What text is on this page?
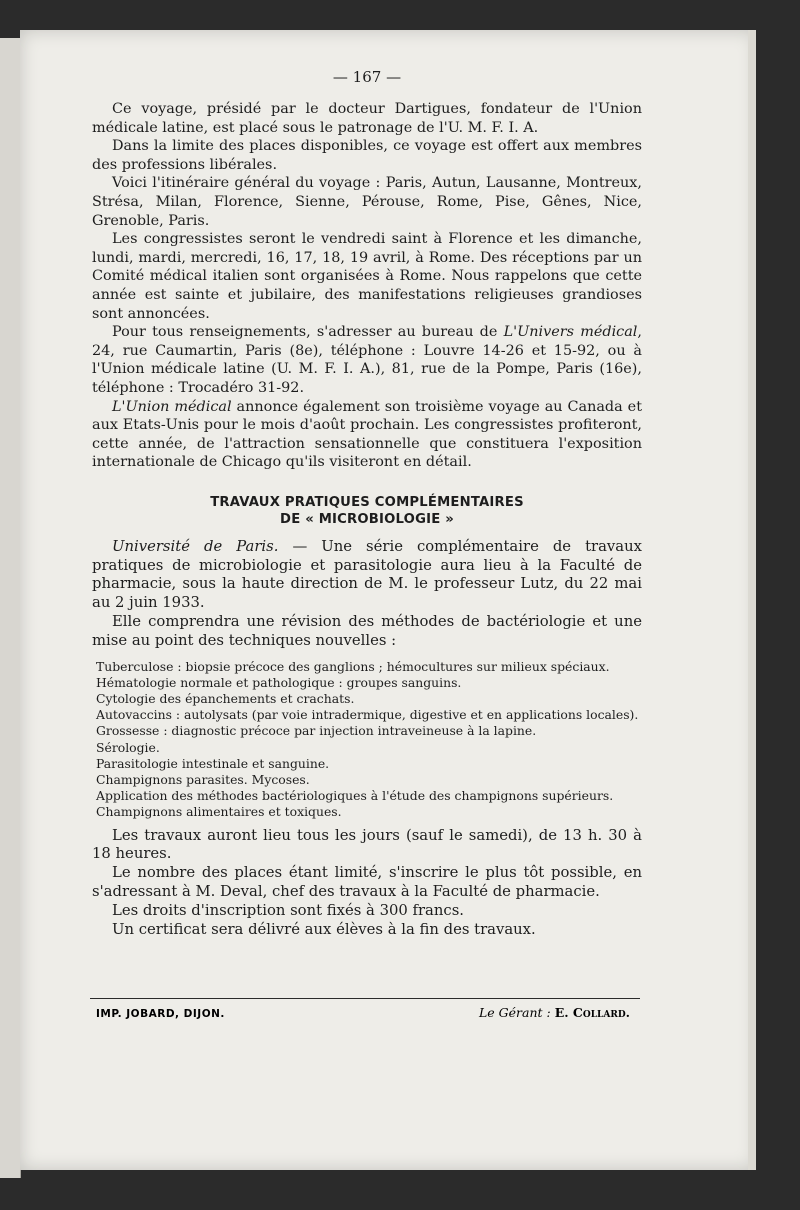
— 167 —

Ce voyage, présidé par le docteur Dartigues, fondateur de l'Union médicale latine, est placé sous le patronage de l'U. M. F. I. A.

Dans la limite des places disponibles, ce voyage est offert aux membres des professions libérales.

Voici l'itinéraire général du voyage : Paris, Autun, Lausanne, Montreux, Strésa, Milan, Florence, Sienne, Pérouse, Rome, Pise, Gênes, Nice, Grenoble, Paris.

Les congressistes seront le vendredi saint à Florence et les dimanche, lundi, mardi, mercredi, 16, 17, 18, 19 avril, à Rome. Des réceptions par un Comité médical italien sont organisées à Rome. Nous rappelons que cette année est sainte et jubilaire, des manifestations religieuses grandioses sont annoncées.

Pour tous renseignements, s'adresser au bureau de L'Univers médical, 24, rue Caumartin, Paris (8e), téléphone : Louvre 14-26 et 15-92, ou à l'Union médicale latine (U. M. F. I. A.), 81, rue de la Pompe, Paris (16e), téléphone : Trocadéro 31-92.

L'Union médical annonce également son troisième voyage au Canada et aux Etats-Unis pour le mois d'août prochain. Les congressistes profiteront, cette année, de l'attraction sensationnelle que constituera l'exposition internationale de Chicago qu'ils visiteront en détail.

TRAVAUX PRATIQUES COMPLÉMENTAIRES
DE « MICROBIOLOGIE »

Université de Paris. — Une série complémentaire de travaux pratiques de microbiologie et parasitologie aura lieu à la Faculté de pharmacie, sous la haute direction de M. le professeur Lutz, du 22 mai au 2 juin 1933.

Elle comprendra une révision des méthodes de bactériologie et une mise au point des techniques nouvelles :

Tuberculose : biopsie précoce des ganglions ; hémocultures sur milieux spéciaux.

Hématologie normale et pathologique : groupes sanguins.

Cytologie des épanchements et crachats.

Autovaccins : autolysats (par voie intradermique, digestive et en applications locales).

Grossesse : diagnostic précoce par injection intraveineuse à la lapine.

Sérologie.

Parasitologie intestinale et sanguine.

Champignons parasites. Mycoses.

Application des méthodes bactériologiques à l'étude des champignons supérieurs.

Champignons alimentaires et toxiques.

Les travaux auront lieu tous les jours (sauf le samedi), de 13 h. 30 à 18 heures.

Le nombre des places étant limité, s'inscrire le plus tôt possible, en s'adressant à M. Deval, chef des travaux à la Faculté de pharmacie.

Les droits d'inscription sont fixés à 300 francs.

Un certificat sera délivré aux élèves à la fin des travaux.

IMP. JOBARD, DIJON.	Le Gérant : E. Collard.
